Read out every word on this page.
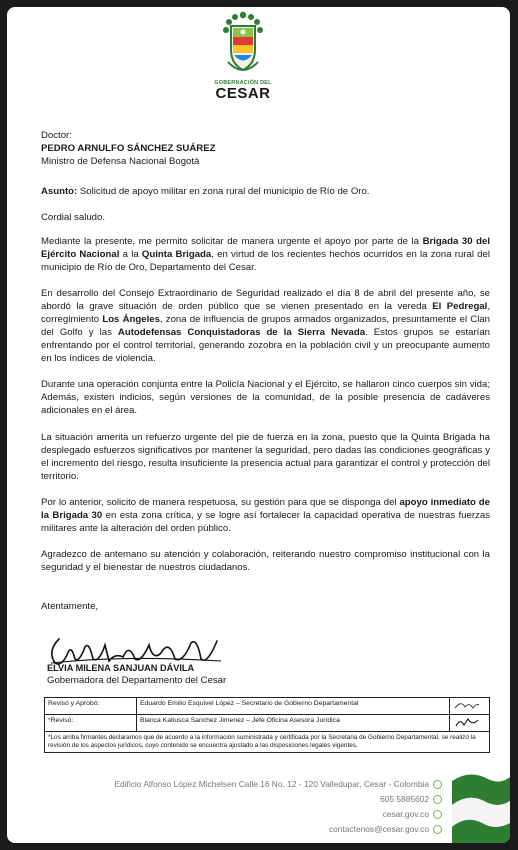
GOBERNACIÓN DEL
CESAR
Doctor:
PEDRO ARNULFO SÁNCHEZ SUÁREZ
Ministro de Defensa Nacional Bogotá
Asunto: Solicitud de apoyo militar en zona rural del municipio de Río de Oro.
Cordial saludo.
Mediante la presente, me permito solicitar de manera urgente el apoyo por parte de la Brigada 30 del Ejército Nacional a la Quinta Brigada, en virtud de los recientes hechos ocurridos en la zona rural del municipio de Río de Oro, Departamento del Cesar.
En desarrollo del Consejo Extraordinario de Seguridad realizado el día 8 de abril del presente año, se abordó la grave situación de orden público que se vienen presentado en la vereda El Pedregal, corregimiento Los Ángeles, zona de influencia de grupos armados organizados, presuntamente el Clan del Golfo y las Autodefensas Conquistadoras de la Sierra Nevada. Estos grupos se estarían enfrentando por el control territorial, generando zozobra en la población civil y un preocupante aumento en los índices de violencia.
Durante una operación conjunta entre la Policía Nacional y el Ejército, se hallaron cinco cuerpos sin vida; Además, existen indicios, según versiones de la comunidad, de la posible presencia de cadáveres adicionales en el área.
La situación amerita un refuerzo urgente del pie de fuerza en la zona, puesto que la Quinta Brigada ha desplegado esfuerzos significativos por mantener la seguridad, pero dadas las condiciones geográficas y el incremento del riesgo, resulta insuficiente la presencia actual para garantizar el control y protección del territorio.
Por lo anterior, solicito de manera respetuosa, su gestión para que se disponga del apoyo inmediato de la Brigada 30 en esta zona crítica, y se logre así fortalecer la capacidad operativa de nuestras fuerzas militares ante la alteración del orden público.
Agradezco de antemano su atención y colaboración, reiterando nuestro compromiso institucional con la seguridad y el bienestar de nuestros ciudadanos.
Atentamente,
ELVIA MILENA SANJUAN DÁVILA
Gobernadora del Departamento del Cesar
Revisó y Aprobó:	Eduardo Emilio Esquivel López – Secretario de Gobierno Departamental	
*Revisó:	Blanca Katiusca Sanchez Jimenez – Jefe Oficina Asesora Jurídica	
*Los arriba firmantes declaramos que de acuerdo a la información suministrada y certificada por la Secretaria de Gobierno Departamental, se realizó la revisión de los aspectos jurídicos, cuyo contenido se encuentra ajustado a las disposiciones legales vigentes.		
Edificio Alfonso López Michelsen Calle 16 No. 12 - 120 Valledupar, Cesar - Colombia
605 5885602
cesar.gov.co
contactenos@cesar.gov.co
